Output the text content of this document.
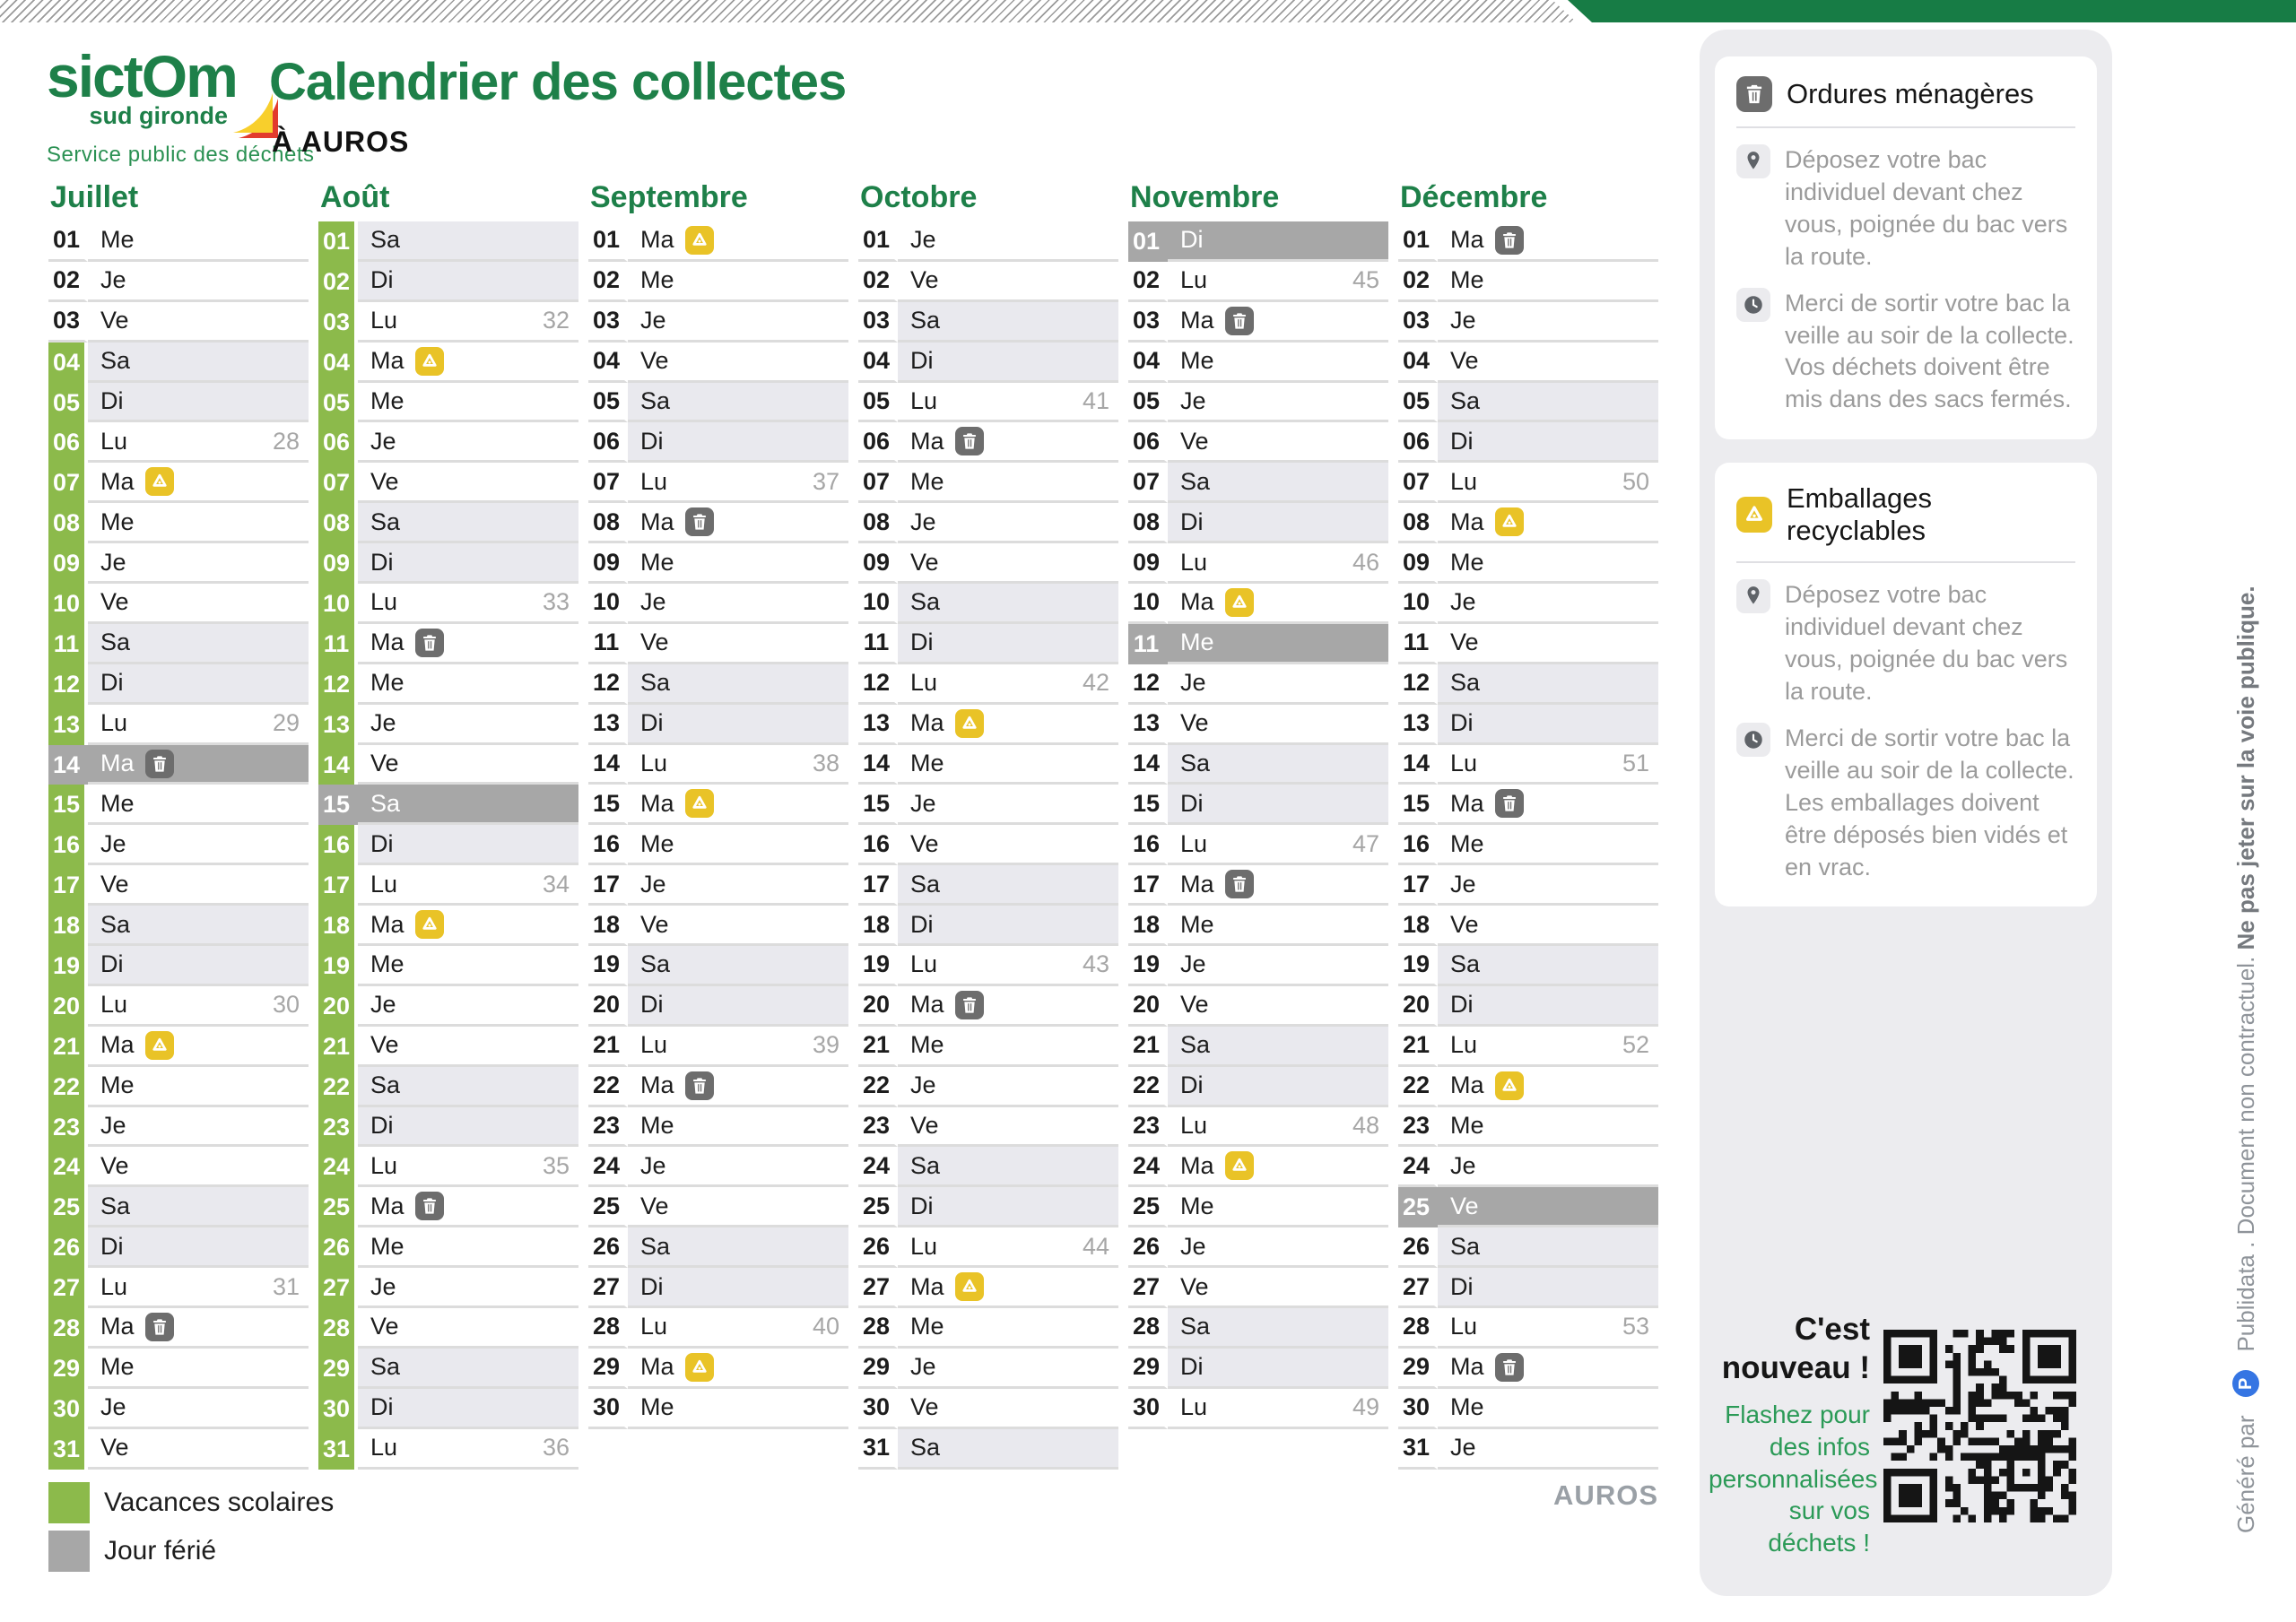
sictOm
sud gironde
Service public des déchets
Calendrier des collectes
À AUROS
Juillet
01 Me
02 Je
03 Ve
04 Sa
05 Di
06 Lu	28
07 Ma
08 Me
09 Je
10 Ve
11 Sa
12 Di
13 Lu	29
14 Ma
15 Me
16 Je
17 Ve
18 Sa
19 Di
20 Lu	30
21 Ma
22 Me
23 Je
24 Ve
25 Sa
26 Di
27 Lu	31
28 Ma
29 Me
30 Je
31 Ve
Août
01 Sa
02 Di
03 Lu	32
04 Ma
05 Me
06 Je
07 Ve
08 Sa
09 Di
10 Lu	33
11 Ma
12 Me
13 Je
14 Ve
15 Sa
16 Di
17 Lu	34
18 Ma
19 Me
20 Je
21 Ve
22 Sa
23 Di
24 Lu	35
25 Ma
26 Me
27 Je
28 Ve
29 Sa
30 Di
31 Lu	36
Septembre
01 Ma
02 Me
03 Je
04 Ve
05 Sa
06 Di
07 Lu	37
08 Ma
09 Me
10 Je
11 Ve
12 Sa
13 Di
14 Lu	38
15 Ma
16 Me
17 Je
18 Ve
19 Sa
20 Di
21 Lu	39
22 Ma
23 Me
24 Je
25 Ve
26 Sa
27 Di
28 Lu	40
29 Ma
30 Me
Octobre
01 Je
02 Ve
03 Sa
04 Di
05 Lu	41
06 Ma
07 Me
08 Je
09 Ve
10 Sa
11 Di
12 Lu	42
13 Ma
14 Me
15 Je
16 Ve
17 Sa
18 Di
19 Lu	43
20 Ma
21 Me
22 Je
23 Ve
24 Sa
25 Di
26 Lu	44
27 Ma
28 Me
29 Je
30 Ve
31 Sa
Novembre
01 Di
02 Lu	45
03 Ma
04 Me
05 Je
06 Ve
07 Sa
08 Di
09 Lu	46
10 Ma
11 Me
12 Je
13 Ve
14 Sa
15 Di
16 Lu	47
17 Ma
18 Me
19 Je
20 Ve
21 Sa
22 Di
23 Lu	48
24 Ma
25 Me
26 Je
27 Ve
28 Sa
29 Di
30 Lu	49
Décembre
01 Ma
02 Me
03 Je
04 Ve
05 Sa
06 Di
07 Lu	50
08 Ma
09 Me
10 Je
11 Ve
12 Sa
13 Di
14 Lu	51
15 Ma
16 Me
17 Je
18 Ve
19 Sa
20 Di
21 Lu	52
22 Ma
23 Me
24 Je
25 Ve
26 Sa
27 Di
28 Lu	53
29 Ma
30 Me
31 Je
Vacances scolaires
Jour férié
AUROS
Ordures ménagères
Déposez votre bac individuel devant chez vous, poignée du bac vers la route.
Merci de sortir votre bac la veille au soir de la collecte. Vos déchets doivent être mis dans des sacs fermés.
Emballages recyclables
Déposez votre bac individuel devant chez vous, poignée du bac vers la route.
Merci de sortir votre bac la veille au soir de la collecte. Les emballages doivent être déposés bien vidés et en vrac.
C'est nouveau !
Flashez pour des infos personnalisées sur vos déchets !
Généré par  P  Publidata . Document non contractuel. Ne pas jeter sur la voie publique.
